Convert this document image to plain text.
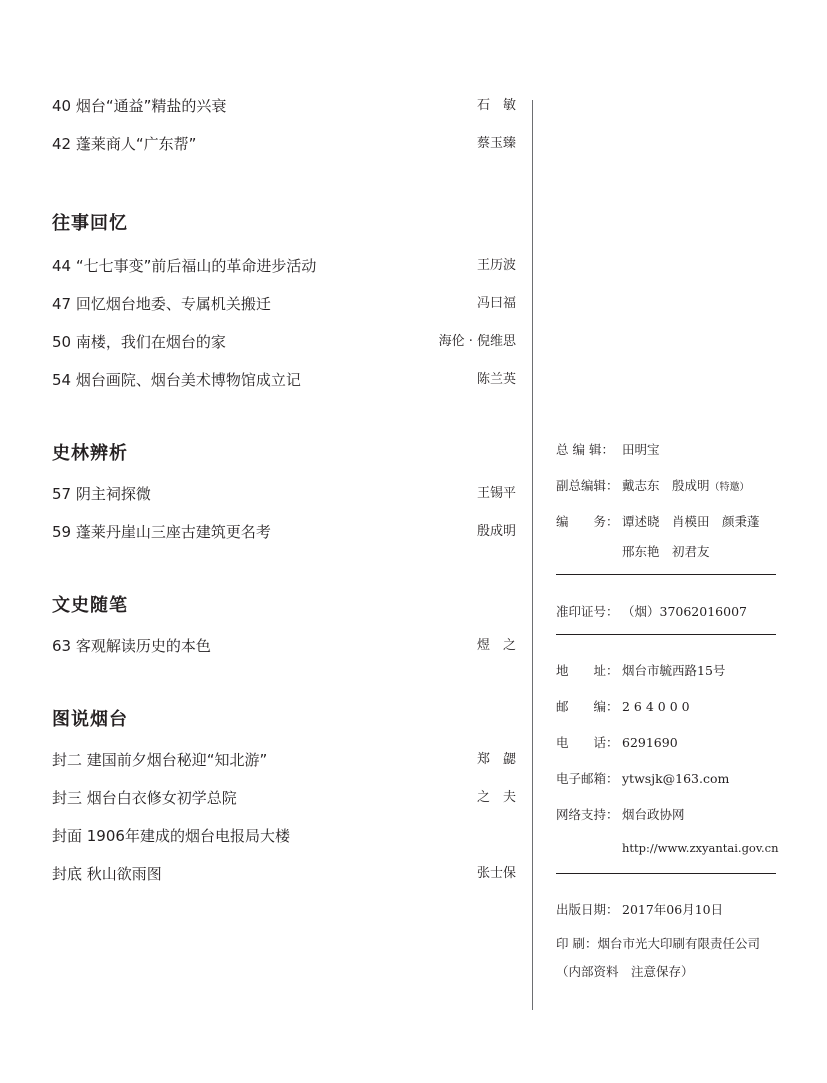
40 烟台“通益”精盐的兴衰	石　敏
42 蓬莱商人“广东帮”	蔡玉臻
往事回忆
44 “七七事变”前后福山的革命进步活动	王历波
47 回忆烟台地委、专属机关搬迁	冯曰福
50 南楼，我们在烟台的家	海伦 · 倪维思
54 烟台画院、烟台美术博物馆成立记	陈兰英
史林辨析
57 阴主祠探微	王锡平
59 蓬莱丹崖山三座古建筑更名考	殷成明
文史随笔
63 客观解读历史的本色	煜　之
图说烟台
封二 建国前夕烟台秘迎“知北游”	郑　勰
封三 烟台白衣修女初学总院	之　夫
封面 1906年建成的烟台电报局大楼
封底 秋山欲雨图	张士保
总 编 辑： 田明宝
副总编辑： 戴志东　殷成明（特邀）
编　　务： 谭述晓　肖模田　颜秉蓬
邢东艳　初君友
准印证号： （烟）37062016007
地　　址： 烟台市毓西路15号
邮　　编： 2 6 4 0 0 0
电　　话： 6291690
电子邮箱： ytwsjk@163.com
网络支持： 烟台政协网
http://www.zxyantai.gov.cn
出版日期： 2017年06月10日
印 刷：烟台市光大印刷有限责任公司
（内部资料　注意保存）
